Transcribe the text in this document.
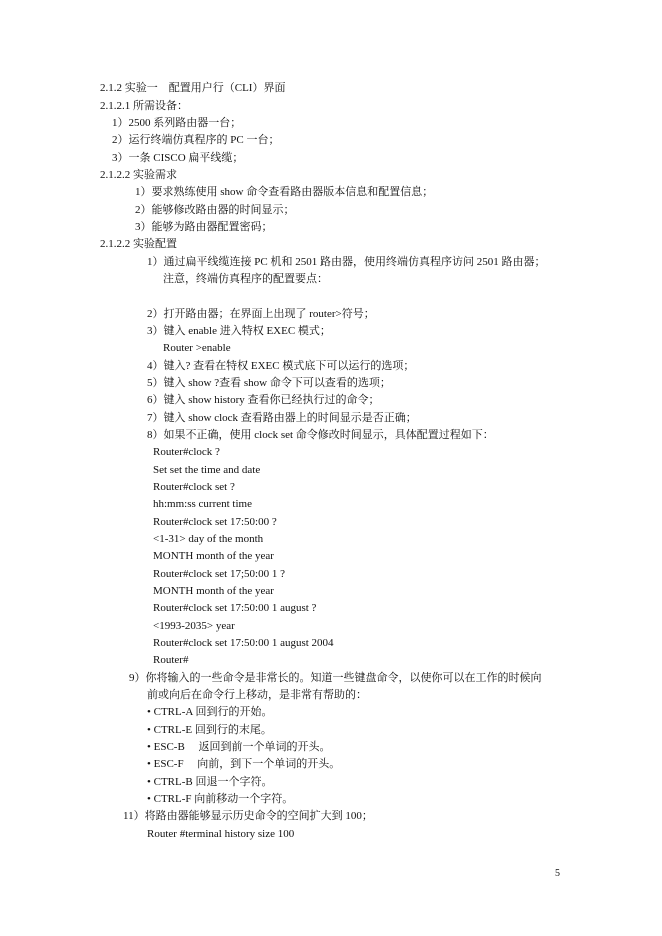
2.1.2 实验一　配置用户行（CLI）界面
2.1.2.1 所需设备：
1）2500 系列路由器一台；
2）运行终端仿真程序的 PC 一台；
3）一条 CISCO 扁平线缆；
2.1.2.2 实验需求
1）要求熟练使用 show 命令查看路由器版本信息和配置信息；
2）能够修改路由器的时间显示；
3）能够为路由器配置密码；
2.1.2.2 实验配置
1）通过扁平线缆连接 PC 机和 2501 路由器，使用终端仿真程序访问 2501 路由器；
注意，终端仿真程序的配置要点：
2）打开路由器；在界面上出现了 router>符号；
3）键入 enable 进入特权 EXEC 模式；
Router >enable
4）键入? 查看在特权 EXEC 模式底下可以运行的选项；
5）键入 show ?查看 show 命令下可以查看的选项；
6）键入 show history 查看你已经执行过的命令；
7）键入 show clock 查看路由器上的时间显示是否正确；
8）如果不正确，使用 clock set 命令修改时间显示，具体配置过程如下：
Router#clock ?
Set set the time and date
Router#clock set ?
hh:mm:ss current time
Router#clock set 17:50:00 ?
<1-31> day of the month
MONTH month of the year
Router#clock set 17;50:00 1 ?
MONTH month of the year
Router#clock set 17:50:00 1 august ?
<1993-2035> year
Router#clock set 17:50:00 1 august 2004
Router#
9）你将输入的一些命令是非常长的。知道一些键盘命令，以使你可以在工作的时候向
前或向后在命令行上移动，是非常有帮助的：
• CTRL-A 回到行的开始。
• CTRL-E 回到行的末尾。
• ESC-B　 返回到前一个单词的开头。
• ESC-F　 向前，到下一个单词的开头。
• CTRL-B 回退一个字符。
• CTRL-F 向前移动一个字符。
11）将路由器能够显示历史命令的空间扩大到 100；
Router #terminal history size 100
5
